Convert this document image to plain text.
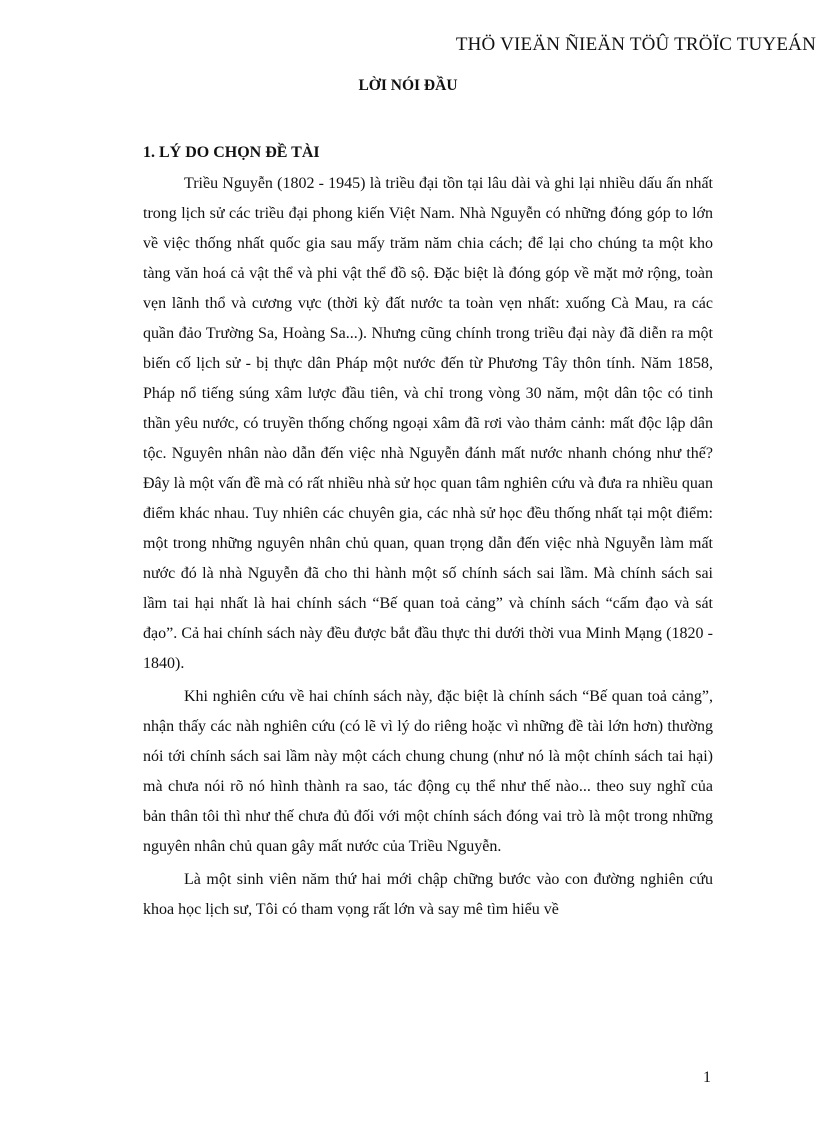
THÖ VIEÄN ÑIEÄN TÖÛ TRÖÏC TUYEÁN
LỜI NÓI ĐẦU
1. LÝ DO CHỌN ĐỀ TÀI

Triều Nguyễn (1802 - 1945) là triều đại tồn tại lâu dài và ghi lại nhiều dấu ấn nhất trong lịch sử các triều đại phong kiến Việt Nam. Nhà Nguyễn có những đóng góp to lớn về việc thống nhất quốc gia sau mấy trăm năm chia cách; để lại cho chúng ta một kho tàng văn hoá cả vật thể và phi vật thể đồ sộ. Đặc biệt là đóng góp về mặt mở rộng, toàn vẹn lãnh thổ và cương vực (thời kỳ đất nước ta toàn vẹn nhất: xuống Cà Mau, ra các quần đảo Trường Sa, Hoàng Sa...). Nhưng cũng chính trong triều đại này đã diễn ra một biến cố lịch sử - bị thực dân Pháp một nước đến từ Phương Tây thôn tính. Năm 1858, Pháp nổ tiếng súng xâm lược đầu tiên, và chỉ trong vòng 30 năm, một dân tộc có tinh thần yêu nước, có truyền thống chống ngoại xâm đã rơi vào thảm cảnh: mất độc lập dân tộc. Nguyên nhân nào dẫn đến việc nhà Nguyễn đánh mất nước nhanh chóng như thế? Đây là một vấn đề mà có rất nhiều nhà sử học quan tâm nghiên cứu và đưa ra nhiều quan điểm khác nhau. Tuy nhiên các chuyên gia, các nhà sử học đều thống nhất tại một điểm: một trong những nguyên nhân chủ quan, quan trọng dẫn đến việc nhà Nguyễn làm mất nước đó là nhà Nguyễn đã cho thi hành một số chính sách sai lầm. Mà chính sách sai lầm tai hại nhất là hai chính sách “Bế quan toả cảng” và chính sách “cấm đạo và sát đạo”. Cả hai chính sách này đều được bắt đầu thực thi dưới thời vua Minh Mạng (1820 - 1840).

Khi nghiên cứu về hai chính sách này, đặc biệt là chính sách “Bế quan toả cảng”, nhận thấy các nàh nghiên cứu (có lẽ vì lý do riêng hoặc vì những đề tài lớn hơn) thường nói tới chính sách sai lầm này một cách chung chung (như nó là một chính sách tai hại) mà chưa nói rõ nó hình thành ra sao, tác động cụ thể như thế nào... theo suy nghĩ của bản thân tôi thì như thế chưa đủ đối với một chính sách đóng vai trò là một trong những nguyên nhân chủ quan gây mất nước của Triều Nguyễn.

Là một sinh viên năm thứ hai mới chập chững bước vào con đường nghiên cứu khoa học lịch sư, Tôi có tham vọng rất lớn và say mê tìm hiểu về

1
